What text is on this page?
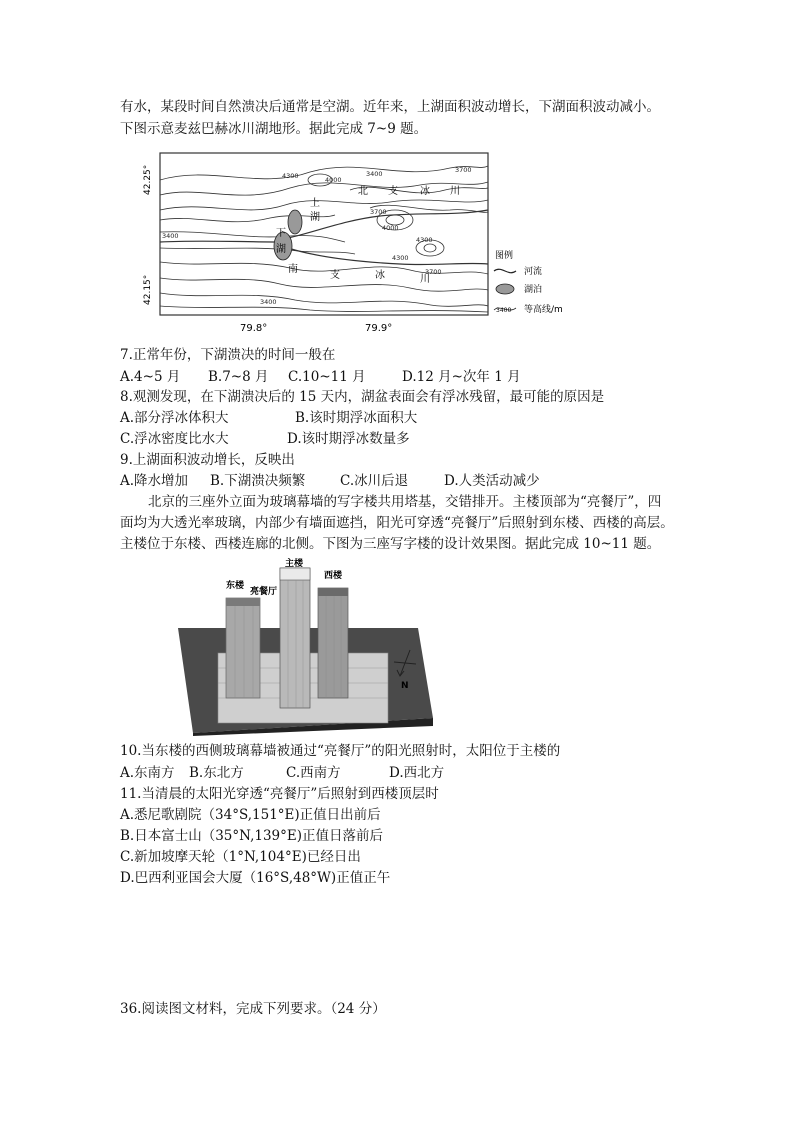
有水，某段时间自然溃决后通常是空湖。近年来，上湖面积波动增长，下湖面积波动减小。
下图示意麦兹巴赫冰川湖地形。据此完成 7~9 题。
42.25°
42.15°
79.8°	79.9°
北 支 冰 川
南
支	冰	川
上
湖
下
湖
3400	3700
4000
4300
3700
3400
4000
4300
4300
3700
3400
图例
河流
湖泊
3400 等高线/m
7.正常年份，下湖溃决的时间一般在
A.4~5 月 B.7~8 月 C.10~11 月	D.12 月~次年 1 月
8.观测发现，在下湖溃决后的 15 天内，湖盆表面会有浮冰残留，最可能的原因是
A.部分浮冰体积大	B.该时期浮冰面积大
C.浮冰密度比水大	D.该时期浮冰数量多
9.上湖面积波动增长，反映出
A.降水增加 B.下湖溃决频繁	C.冰川后退	D.人类活动减少
北京的三座外立面为玻璃幕墙的写字楼共用塔基，交错排开。主楼顶部为“亮餐厅”，四
面均为大透光率玻璃，内部少有墙面遮挡，阳光可穿透“亮餐厅”后照射到东楼、西楼的高层。
主楼位于东楼、西楼连廊的北侧。下图为三座写字楼的设计效果图。据此完成 10~11 题。
主楼
东楼
西楼
亮餐厅
N
10.当东楼的西侧玻璃幕墙被通过“亮餐厅”的阳光照射时，太阳位于主楼的
A.东南方 B.东北方	C.西南方	D.西北方
11.当清晨的太阳光穿透“亮餐厅”后照射到西楼顶层时
A.悉尼歌剧院（34°S,151°E)正值日出前后
B.日本富士山（35°N,139°E)正值日落前后
C.新加坡摩天轮（1°N,104°E)已经日出
D.巴西利亚国会大厦（16°S,48°W)正值正午
36.阅读图文材料，完成下列要求。（24 分）
